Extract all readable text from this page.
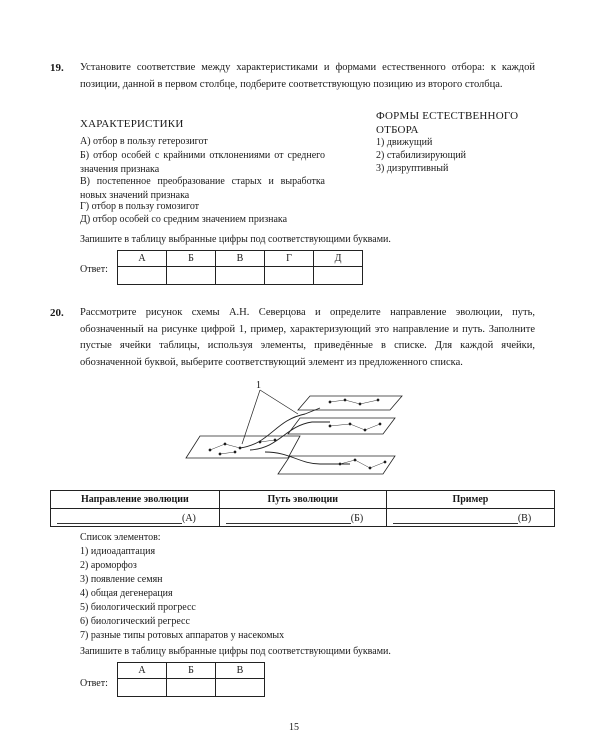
19. Установите соответствие между характеристиками и формами естественного отбора: к каждой позиции, данной в первом столбце, подберите соответствующую позицию из второго столбца.

ХАРАКТЕРИСТИКИ
ФОРМЫ ЕСТЕСТВЕННОГО ОТБОРА
А) отбор в пользу гетерозигот
Б) отбор особей с крайними отклонениями от среднего значения признака
В) постепенное преобразование старых и выработка новых значений признака
Г) отбор в пользу гомозигот
Д) отбор особей со средним значением признака
1) движущий
2) стабилизирующий
3) дизруптивный
Запишите в таблицу выбранные цифры под соответствующими буквами.
Ответ:
А	Б	В	Г	Д

20. Рассмотрите рисунок схемы А.Н. Северцова и определите направление эволюции, путь, обозначенный на рисунке цифрой 1, пример, характеризующий это направление и путь. Заполните пустые ячейки таблицы, используя элементы, приведённые в списке. Для каждой ячейки, обозначенной буквой, выберите соответствующий элемент из предложенного списка.

1
Направление эволюции	Путь эволюции	Пример
(А)	(Б)	(В)
Список элементов:
1) идиоадаптация
2) ароморфоз
3) появление семян
4) общая дегенерация
5) биологический прогресс
6) биологический регресс
7) разные типы ротовых аппаратов у насекомых
Запишите в таблицу выбранные цифры под соответствующими буквами.
Ответ:
А	Б	В

15
